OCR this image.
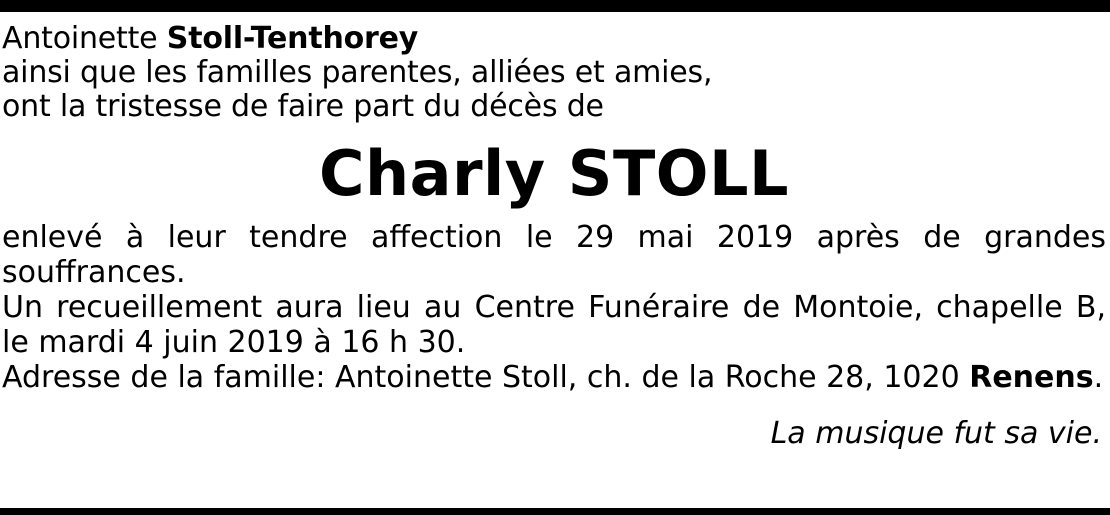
Antoinette Stoll-Tenthorey
ainsi que les familles parentes, alliées et amies,
ont la tristesse de faire part du décès de
Charly STOLL
enlevé à leur tendre affection le 29 mai 2019 après de grandes souffrances.
Un recueillement aura lieu au Centre Funéraire de Montoie, chapelle B,
le mardi 4 juin 2019 à 16 h 30.
Adresse de la famille: Antoinette Stoll, ch. de la Roche 28, 1020 Renens.
La musique fut sa vie.
